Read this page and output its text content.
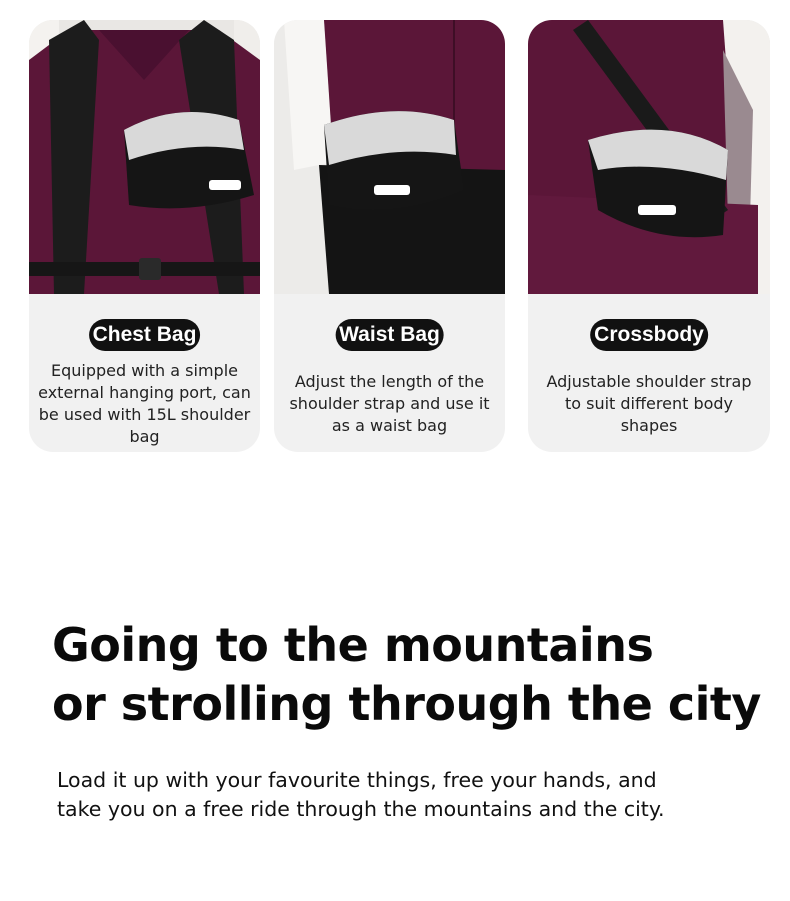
Chest Bag
Equipped with a simple external hanging port, can be used with 15L shoulder bag
Waist Bag
Adjust the length of the shoulder strap and use it as a waist bag
Crossbody
Adjustable shoulder strap to suit different body shapes
Going to the mountains
or strolling through the city
Load it up with your favourite things, free your hands, and
take you on a free ride through the mountains and the city.
